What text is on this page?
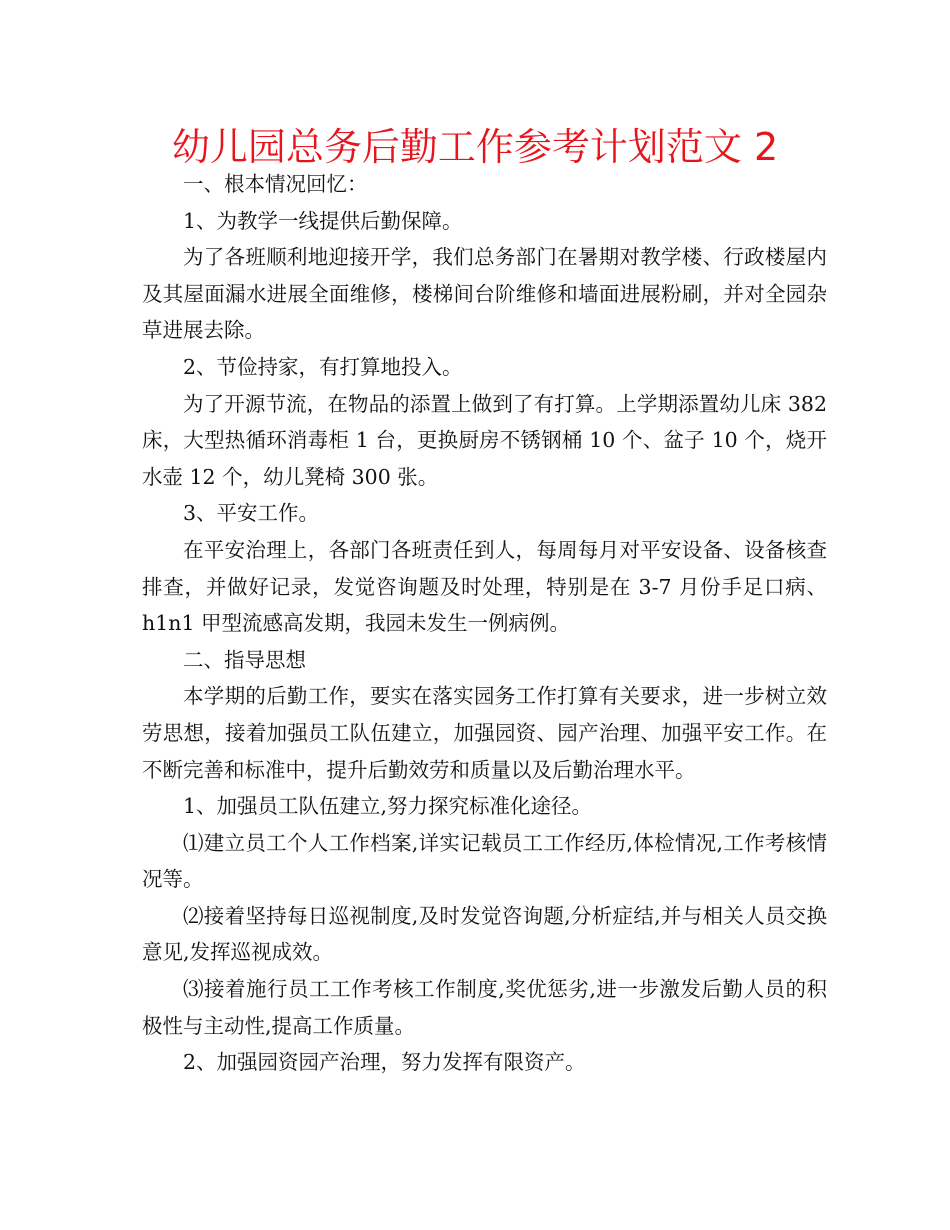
幼儿园总务后勤工作参考计划范文 2

一、根本情况回忆：

1、为教学一线提供后勤保障。

为了各班顺利地迎接开学，我们总务部门在暑期对教学楼、行政楼屋内及其屋面漏水进展全面维修，楼梯间台阶维修和墙面进展粉刷，并对全园杂草进展去除。

2、节俭持家，有打算地投入。

为了开源节流，在物品的添置上做到了有打算。上学期添置幼儿床 382 床，大型热循环消毒柜 1 台，更换厨房不锈钢桶 10 个、盆子 10 个，烧开水壶 12 个，幼儿凳椅 300 张。

3、平安工作。

在平安治理上，各部门各班责任到人，每周每月对平安设备、设备核查排查，并做好记录，发觉咨询题及时处理，特别是在 3-7 月份手足口病、h1n1 甲型流感高发期，我园未发生一例病例。

二、指导思想

本学期的后勤工作，要实在落实园务工作打算有关要求，进一步树立效劳思想，接着加强员工队伍建立，加强园资、园产治理、加强平安工作。在不断完善和标准中，提升后勤效劳和质量以及后勤治理水平。

1、加强员工队伍建立,努力探究标准化途径。

⑴建立员工个人工作档案,详实记载员工工作经历,体检情况,工作考核情况等。

⑵接着坚持每日巡视制度,及时发觉咨询题,分析症结,并与相关人员交换意见,发挥巡视成效。

⑶接着施行员工工作考核工作制度,奖优惩劣,进一步激发后勤人员的积极性与主动性,提高工作质量。

2、加强园资园产治理，努力发挥有限资产。
